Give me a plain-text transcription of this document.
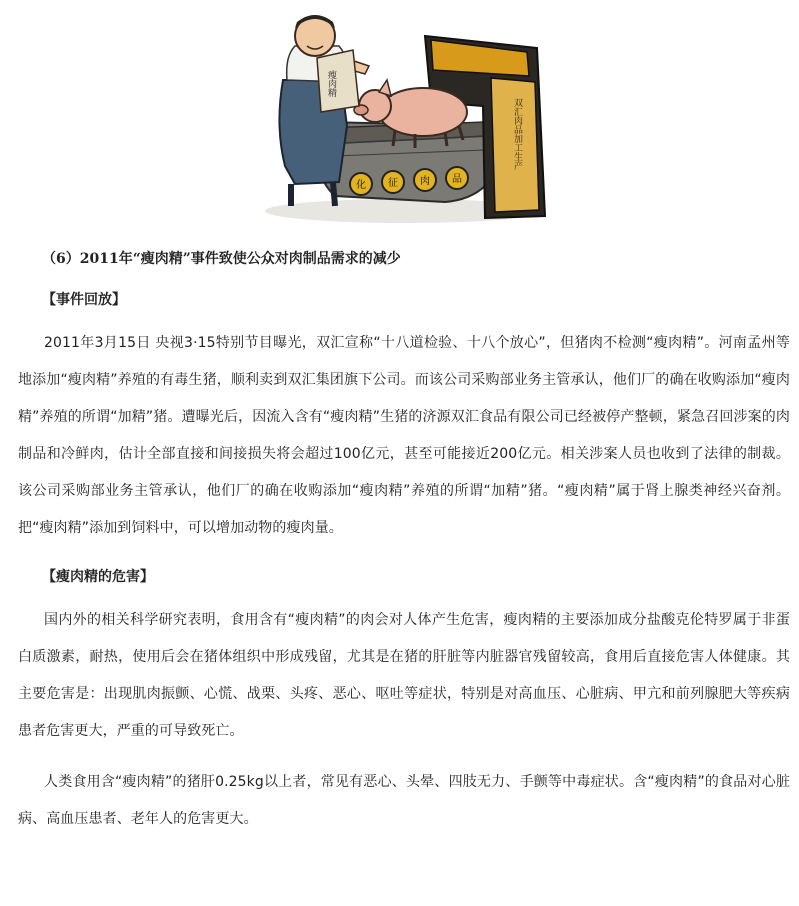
化 征 肉 品
双汇肉品加工生产
瘦肉精
（6）2011年“瘦肉精”事件致使公众对肉制品需求的减少
【事件回放】

2011年3月15日 央视3·15特别节目曝光，双汇宣称“十八道检验、十八个放心”，但猪肉不检测“瘦肉精”。河南孟州等地添加“瘦肉精”养殖的有毒生猪，顺利卖到双汇集团旗下公司。而该公司采购部业务主管承认，他们厂的确在收购添加“瘦肉精”养殖的所谓“加精”猪。遭曝光后，因流入含有“瘦肉精”生猪的济源双汇食品有限公司已经被停产整顿，紧急召回涉案的肉制品和冷鲜肉，估计全部直接和间接损失将会超过100亿元，甚至可能接近200亿元。相关涉案人员也收到了法律的制裁。该公司采购部业务主管承认，他们厂的确在收购添加“瘦肉精”养殖的所谓“加精”猪。“瘦肉精”属于肾上腺类神经兴奋剂。把“瘦肉精”添加到饲料中，可以增加动物的瘦肉量。

【瘦肉精的危害】

国内外的相关科学研究表明，食用含有“瘦肉精”的肉会对人体产生危害，瘦肉精的主要添加成分盐酸克伦特罗属于非蛋白质激素，耐热，使用后会在猪体组织中形成残留，尤其是在猪的肝脏等内脏器官残留较高，食用后直接危害人体健康。其主要危害是：出现肌肉振颤、心慌、战栗、头疼、恶心、呕吐等症状，特别是对高血压、心脏病、甲亢和前列腺肥大等疾病患者危害更大，严重的可导致死亡。

人类食用含“瘦肉精”的猪肝0.25kg以上者，常见有恶心、头晕、四肢无力、手颤等中毒症状。含“瘦肉精”的食品对心脏病、高血压患者、老年人的危害更大。
